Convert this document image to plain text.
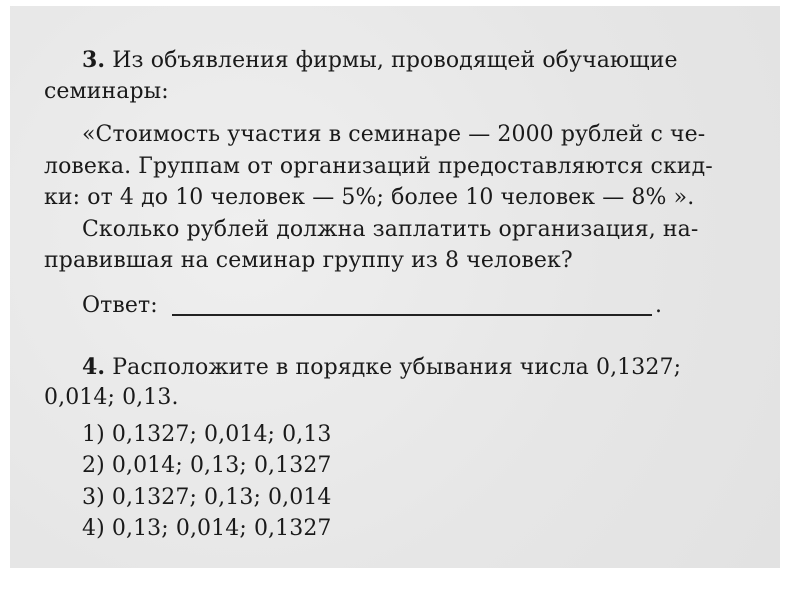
3. Из объявления фирмы, проводящей обучающие
семинары:
«Стоимость участия в семинаре — 2000 рублей с че-
ловека. Группам от организаций предоставляются скид-
ки: от 4 до 10 человек — 5%; более 10 человек — 8% ».
Сколько рублей должна заплатить организация, на-
правившая на семинар группу из 8 человек?
Ответ:	.
4. Расположите в порядке убывания числа 0,1327;
0,014; 0,13.
1) 0,1327; 0,014; 0,13
2) 0,014; 0,13; 0,1327
3) 0,1327; 0,13; 0,014
4) 0,13; 0,014; 0,1327
